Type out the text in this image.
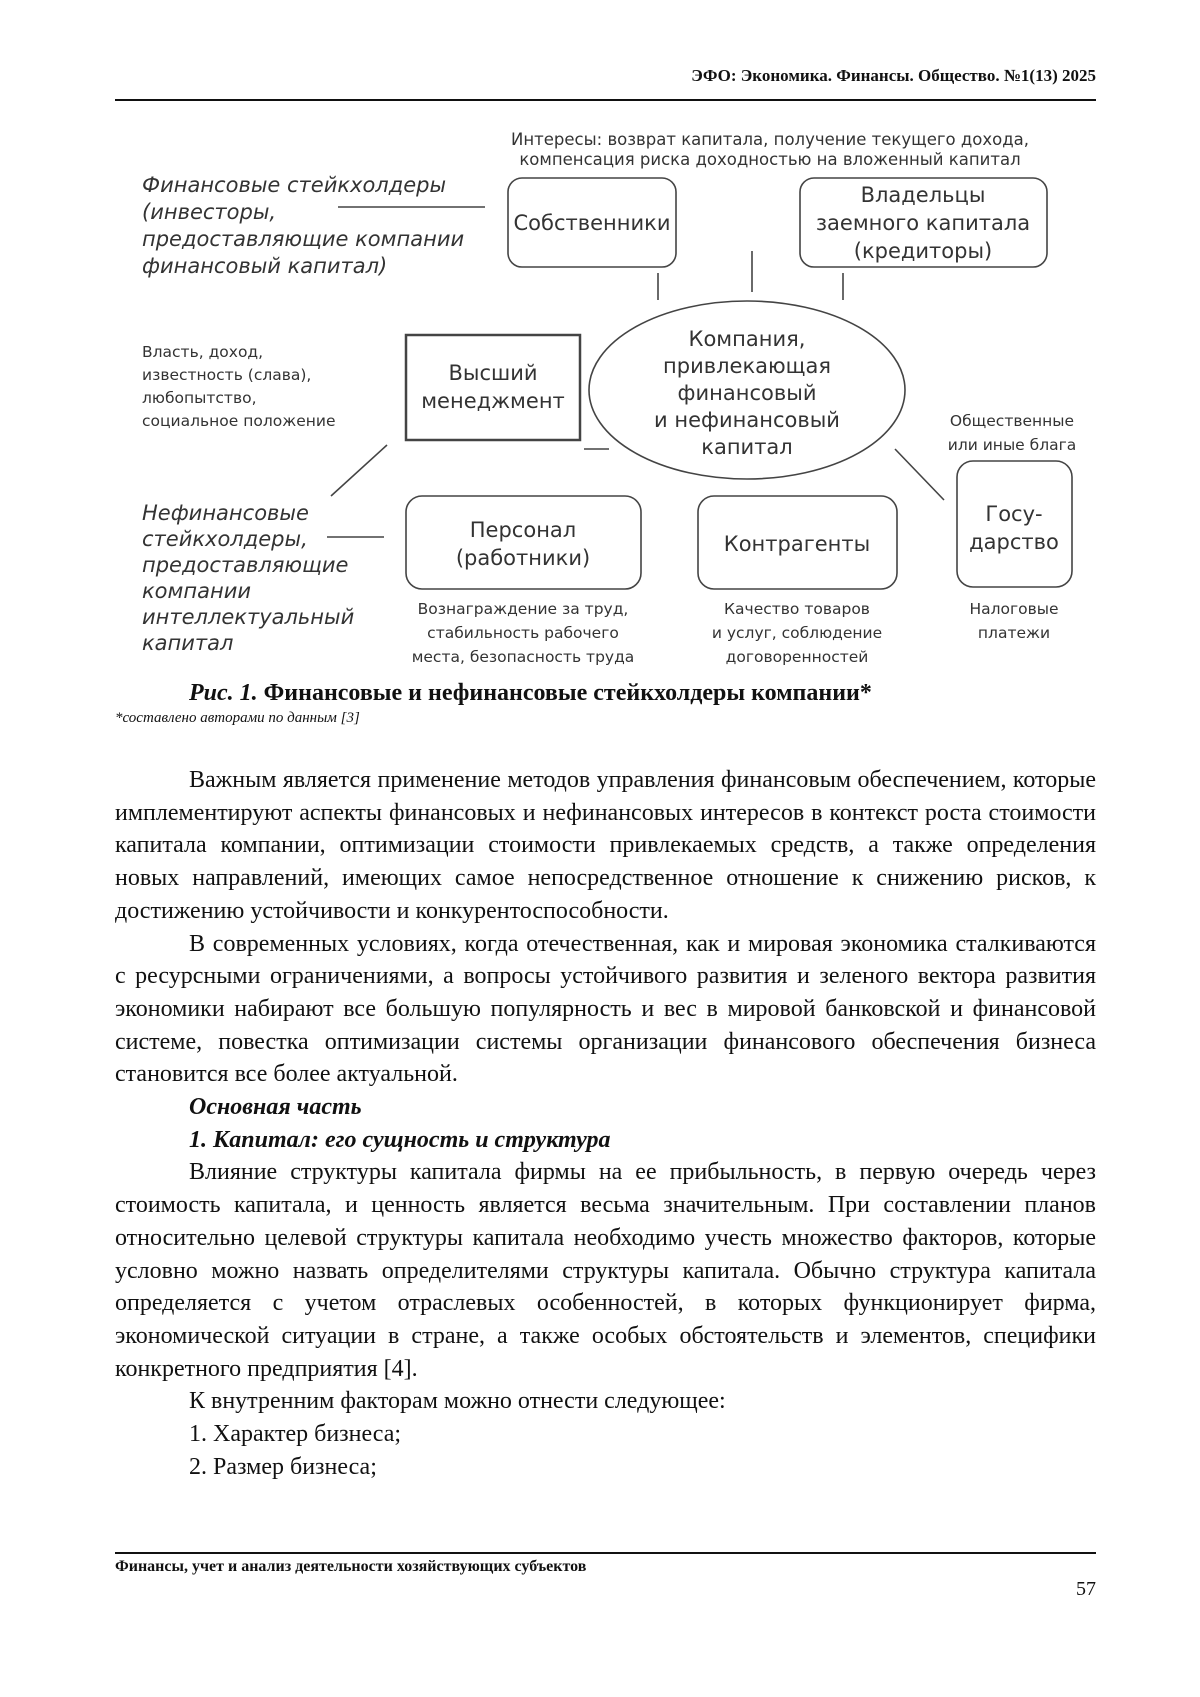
ЭФО: Экономика. Финансы. Общество. №1(13) 2025
Интересы: возврат капитала, получение текущего дохода,
компенсация риска доходностью на вложенный капитал
Финансовые стейкхолдеры
(инвесторы,
предоставляющие компании
финансовый капитал)
Нефинансовые
стейкхолдеры,
предоставляющие
компании
интеллектуальный
капитал
Собственники
Владельцы
заемного капитала
(кредиторы)
Высший
менеджмент
Компания,
привлекающая
финансовый
и нефинансовый
капитал
Госу-
дарство
Персонал
(работники)
Контрагенты
Власть, доход,
известность (слава),
любопытство,
социальное положение	Общественные
или иные блага
Вознаграждение за труд,
стабильность рабочего
места, безопасность труда
Качество товаров
и услуг, соблюдение
договоренностей
Налоговые
платежи
Рис. 1. Финансовые и нефинансовые стейкхолдеры компании*
*составлено авторами по данным [3]

Важным является применение методов управления финансовым обеспечением, которые имплементируют аспекты финансовых и нефинансовых интересов в контекст роста стоимости капитала компании, оптимизации стоимости привлекаемых средств, а также определения новых направлений, имеющих самое непосредственное отношение к снижению рисков, к достижению устойчивости и конкурентоспособности.

В современных условиях, когда отечественная, как и мировая экономика сталкиваются с ресурсными ограничениями, а вопросы устойчивого развития и зеленого вектора развития экономики набирают все большую популярность и вес в мировой банковской и финансовой системе, повестка оптимизации системы организации финансового обеспечения бизнеса становится все более актуальной.

Основная часть

1. Капитал: его сущность и структура

Влияние структуры капитала фирмы на ее прибыльность, в первую очередь через стоимость капитала, и ценность является весьма значительным. При составлении планов относительно целевой структуры капитала необходимо учесть множество факторов, которые условно можно назвать определителями структуры капитала. Обычно структура капитала определяется с учетом отраслевых особенностей, в которых функционирует фирма, экономической ситуации в стране, а также особых обстоятельств и элементов, специфики конкретного предприятия [4].

К внутренним факторам можно отнести следующее:

1. Характер бизнеса;

2. Размер бизнеса;

Финансы, учет и анализ деятельности хозяйствующих субъектов
57
